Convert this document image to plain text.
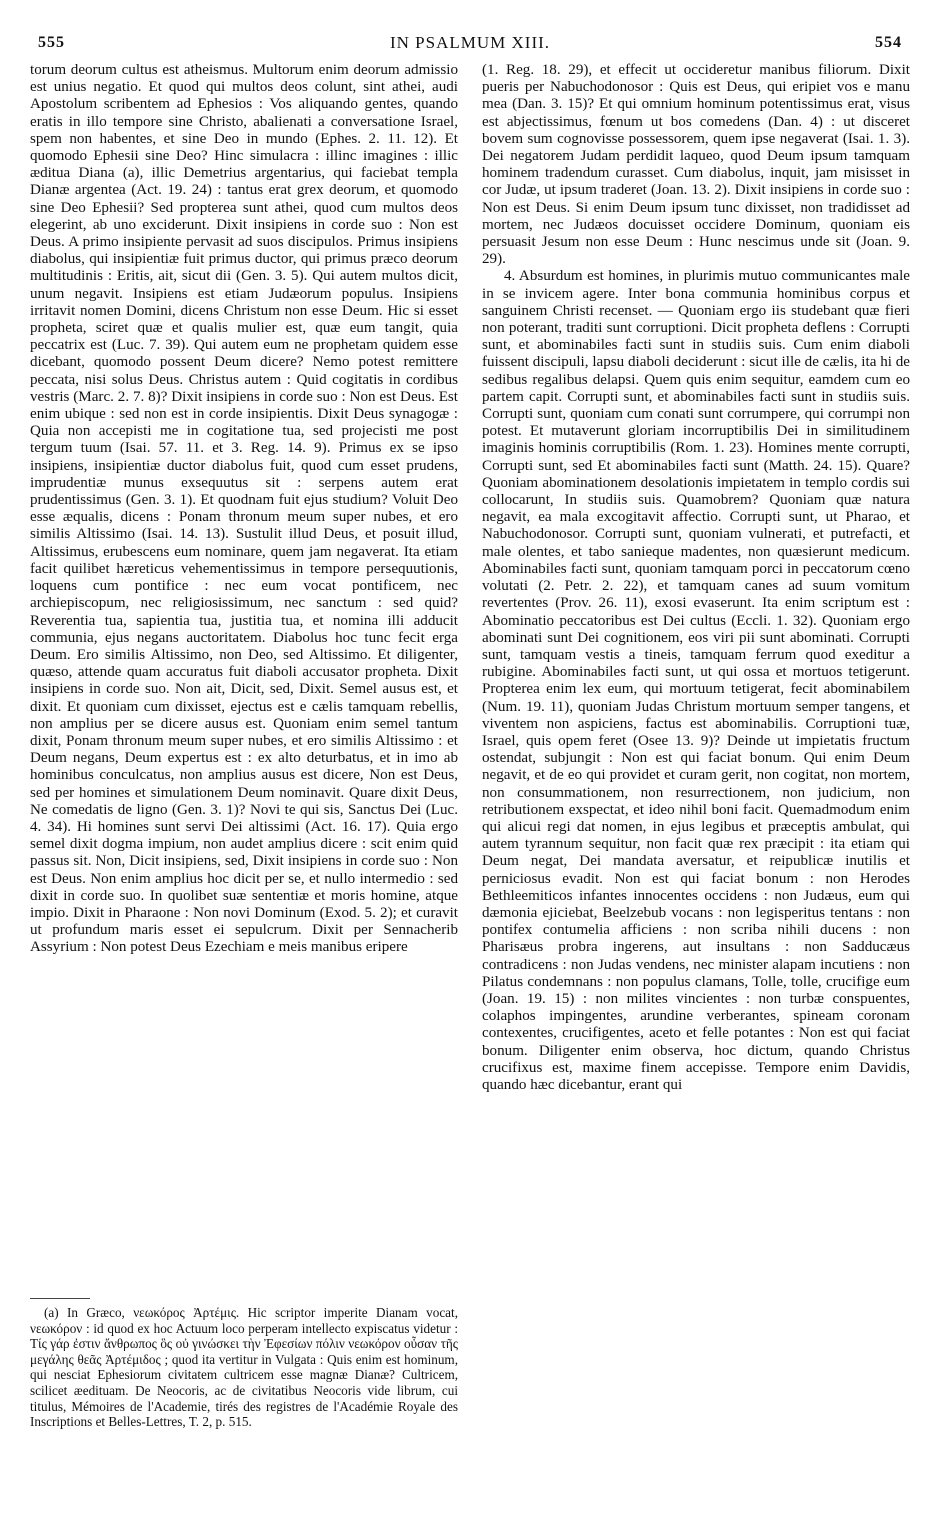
555	IN PSALMUM XIII.	554

torum deorum cultus est atheismus. Multorum enim deorum admissio est unius negatio. Et quod qui multos deos colunt, sint athei, audi Apostolum scribentem ad Ephesios : Vos aliquando gentes, quando eratis in illo tempore sine Christo, abalienati a conversatione Israel, spem non habentes, et sine Deo in mundo (Ephes. 2. 11. 12). Et quomodo Ephesii sine Deo? Hinc simulacra : illinc imagines : illic æditua Diana (a), illic Demetrius argentarius, qui faciebat templa Dianæ argentea (Act. 19. 24) : tantus erat grex deorum, et quomodo sine Deo Ephesii? Sed propterea sunt athei, quod cum multos deos elegerint, ab uno exciderunt. Dixit insipiens in corde suo : Non est Deus. A primo insipiente pervasit ad suos discipulos. Primus insipiens diabolus, qui insipientiæ fuit primus ductor, qui primus præco deorum multitudinis : Eritis, ait, sicut dii (Gen. 3. 5). Qui autem multos dicit, unum negavit. Insipiens est etiam Judæorum populus. Insipiens irritavit nomen Domini, dicens Christum non esse Deum. Hic si esset propheta, sciret quæ et qualis mulier est, quæ eum tangit, quia peccatrix est (Luc. 7. 39). Qui autem eum ne prophetam quidem esse dicebant, quomodo possent Deum dicere? Nemo potest remittere peccata, nisi solus Deus. Christus autem : Quid cogitatis in cordibus vestris (Marc. 2. 7. 8)? Dixit insipiens in corde suo : Non est Deus. Est enim ubique : sed non est in corde insipientis. Dixit Deus synagogæ : Quia non accepisti me in cogitatione tua, sed projecisti me post tergum tuum (Isai. 57. 11. et 3. Reg. 14. 9). Primus ex se ipso insipiens, insipientiæ ductor diabolus fuit, quod cum esset prudens, imprudentiæ munus exsequutus sit : serpens autem erat prudentissimus (Gen. 3. 1). Et quodnam fuit ejus studium? Voluit Deo esse æqualis, dicens : Ponam thronum meum super nubes, et ero similis Altissimo (Isai. 14. 13). Sustulit illud Deus, et posuit illud, Altissimus, erubescens eum nominare, quem jam negaverat. Ita etiam facit quilibet hæreticus vehementissimus in tempore persequutionis, loquens cum pontifice : nec eum vocat pontificem, nec archiepiscopum, nec religiosissimum, nec sanctum : sed quid? Reverentia tua, sapientia tua, justitia tua, et nomina illi adducit communia, ejus negans auctoritatem. Diabolus hoc tunc fecit erga Deum. Ero similis Altissimo, non Deo, sed Altissimo. Et diligenter, quæso, attende quam accuratus fuit diaboli accusator propheta. Dixit insipiens in corde suo. Non ait, Dicit, sed, Dixit. Semel ausus est, et dixit. Et quoniam cum dixisset, ejectus est e cælis tamquam rebellis, non amplius per se dicere ausus est. Quoniam enim semel tantum dixit, Ponam thronum meum super nubes, et ero similis Altissimo : et Deum negans, Deum expertus est : ex alto deturbatus, et in imo ab hominibus conculcatus, non amplius ausus est dicere, Non est Deus, sed per homines et simulationem Deum nominavit. Quare dixit Deus, Ne comedatis de ligno (Gen. 3. 1)? Novi te qui sis, Sanctus Dei (Luc. 4. 34). Hi homines sunt servi Dei altissimi (Act. 16. 17). Quia ergo semel dixit dogma impium, non audet amplius dicere : scit enim quid passus sit. Non, Dicit insipiens, sed, Dixit insipiens in corde suo : Non est Deus. Non enim amplius hoc dicit per se, et nullo intermedio : sed dixit in corde suo. In quolibet suæ sententiæ et moris homine, atque impio. Dixit in Pharaone : Non novi Dominum (Exod. 5. 2); et curavit ut profundum maris esset ei sepulcrum. Dixit per Sennacherib Assyrium : Non potest Deus Ezechiam e meis manibus eripere

(a) In Græco, νεωκόρος Ἀρτέμις. Hic scriptor imperite Dianam vocat, νεωκόρον : id quod ex hoc Actuum loco perperam intellecto expiscatus videtur : Τίς γάρ ἐστιν ἄνθρωπος ὃς οὐ γινώσκει τὴν Ἐφεσίων πόλιν νεωκόρον οὖσαν τῆς μεγάλης θεᾶς Ἀρτέμιδος ; quod ita vertitur in Vulgata : Quis enim est hominum, qui nesciat Ephesiorum civitatem cultricem esse magnæ Dianæ? Cultricem, scilicet æedituam. De Neocoris, ac de civitatibus Neocoris vide librum, cui titulus, Mémoires de l'Academie, tirés des registres de l'Académie Royale des Inscriptions et Belles-Lettres, T. 2, p. 515.

(1. Reg. 18. 29), et effecit ut occideretur manibus filiorum. Dixit pueris per Nabuchodonosor : Quis est Deus, qui eripiet vos e manu mea (Dan. 3. 15)? Et qui omnium hominum potentissimus erat, visus est abjectissimus, fœnum ut bos comedens (Dan. 4) : ut disceret bovem sum cognovisse possessorem, quem ipse negaverat (Isai. 1. 3). Dei negatorem Judam perdidit laqueo, quod Deum ipsum tamquam hominem tradendum curasset. Cum diabolus, inquit, jam misisset in cor Judæ, ut ipsum traderet (Joan. 13. 2). Dixit insipiens in corde suo : Non est Deus. Si enim Deum ipsum tunc dixisset, non tradidisset ad mortem, nec Judæos docuisset occidere Dominum, quoniam eis persuasit Jesum non esse Deum : Hunc nescimus unde sit (Joan. 9. 29).

4. Absurdum est homines, in plurimis mutuo communicantes male in se invicem agere. Inter bona communia hominibus corpus et sanguinem Christi recenset. — Quoniam ergo iis studebant quæ fieri non poterant, traditi sunt corruptioni. Dicit propheta deflens : Corrupti sunt, et abominabiles facti sunt in studiis suis. Cum enim diaboli fuissent discipuli, lapsu diaboli deciderunt : sicut ille de cælis, ita hi de sedibus regalibus delapsi. Quem quis enim sequitur, eamdem cum eo partem capit. Corrupti sunt, et abominabiles facti sunt in studiis suis. Corrupti sunt, quoniam cum conati sunt corrumpere, qui corrumpi non potest. Et mutaverunt gloriam incorruptibilis Dei in similitudinem imaginis hominis corruptibilis (Rom. 1. 23). Homines mente corrupti, Corrupti sunt, sed Et abominabiles facti sunt (Matth. 24. 15). Quare? Quoniam abominationem desolationis impietatem in templo cordis sui collocarunt, In studiis suis. Quamobrem? Quoniam quæ natura negavit, ea mala excogitavit affectio. Corrupti sunt, ut Pharao, et Nabuchodonosor. Corrupti sunt, quoniam vulnerati, et putrefacti, et male olentes, et tabo sanieque madentes, non quæsierunt medicum. Abominabiles facti sunt, quoniam tamquam porci in peccatorum cœno volutati (2. Petr. 2. 22), et tamquam canes ad suum vomitum revertentes (Prov. 26. 11), exosi evaserunt. Ita enim scriptum est : Abominatio peccatoribus est Dei cultus (Eccli. 1. 32). Quoniam ergo abominati sunt Dei cognitionem, eos viri pii sunt abominati. Corrupti sunt, tamquam vestis a tineis, tamquam ferrum quod exeditur a rubigine. Abominabiles facti sunt, ut qui ossa et mortuos tetigerunt. Propterea enim lex eum, qui mortuum tetigerat, fecit abominabilem (Num. 19. 11), quoniam Judas Christum mortuum semper tangens, et viventem non aspiciens, factus est abominabilis. Corruptioni tuæ, Israel, quis opem feret (Osee 13. 9)? Deinde ut impietatis fructum ostendat, subjungit : Non est qui faciat bonum. Qui enim Deum negavit, et de eo qui providet et curam gerit, non cogitat, non mortem, non consummationem, non resurrectionem, non judicium, non retributionem exspectat, et ideo nihil boni facit. Quemadmodum enim qui alicui regi dat nomen, in ejus legibus et præceptis ambulat, qui autem tyrannum sequitur, non facit quæ rex præcipit : ita etiam qui Deum negat, Dei mandata aversatur, et reipublicæ inutilis et perniciosus evadit. Non est qui faciat bonum : non Herodes Bethleemiticos infantes innocentes occidens : non Judæus, eum qui dæmonia ejiciebat, Beelzebub vocans : non legisperitus tentans : non pontifex contumelia afficiens : non scriba nihili ducens : non Pharisæus probra ingerens, aut insultans : non Sadducæus contradicens : non Judas vendens, nec minister alapam incutiens : non Pilatus condemnans : non populus clamans, Tolle, tolle, crucifige eum (Joan. 19. 15) : non milites vincientes : non turbæ conspuentes, colaphos impingentes, arundine verberantes, spineam coronam contexentes, crucifigentes, aceto et felle potantes : Non est qui faciat bonum. Diligenter enim observa, hoc dictum, quando Christus crucifixus est, maxime finem accepisse. Tempore enim Davidis, quando hæc dicebantur, erant qui
